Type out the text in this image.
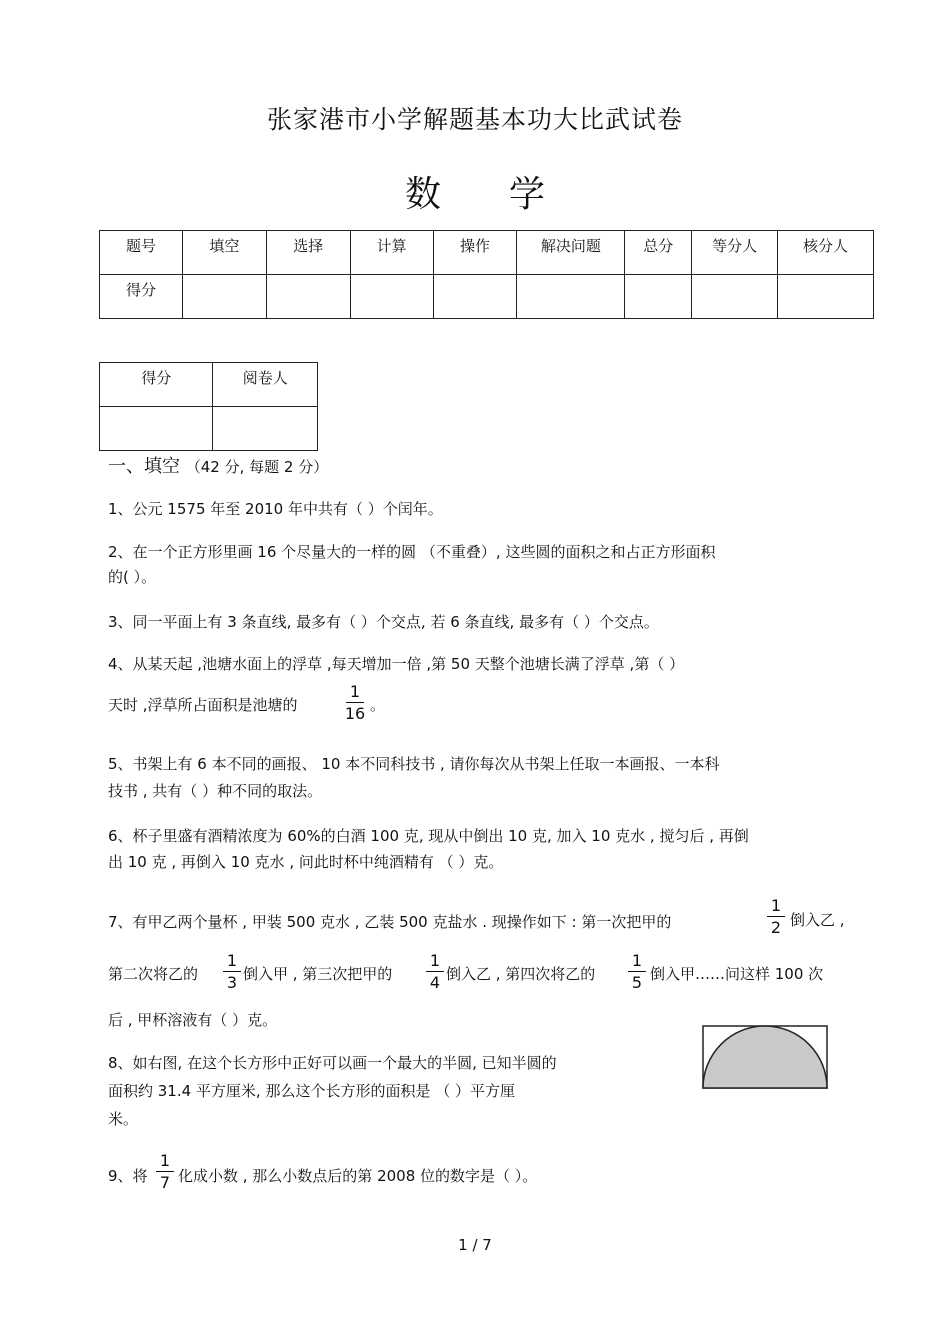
张家港市小学解题基本功大比武试卷
数 学
题号	填空	选择	计算	操作	解决问题	总分	等分人	核分人
得分								
得分	阅卷人

一、填空 （42 分, 每题 2 分）
1、公元 1575 年至 2010 年中共有（ ）个闰年。
2、在一个正方形里画 16 个尽量大的一样的圆 （不重叠）, 这些圆的面积之和占正方形面积
的( ）。
3、同一平面上有 3 条直线, 最多有（ ）个交点, 若 6 条直线, 最多有（ ）个交点。
4、从某天起 ,池塘水面上的浮草 ,每天增加一倍 ,第 50 天整个池塘长满了浮草 ,第（ ）
天时 ,浮草所占面积是池塘的
1
16 。
5、书架上有 6 本不同的画报、 10 本不同科技书 , 请你每次从书架上任取一本画报、一本科
技书 , 共有（ ）种不同的取法。
6、杯子里盛有酒精浓度为 60%的白酒 100 克, 现从中倒出 10 克, 加入 10 克水 , 搅匀后 , 再倒
出 10 克 , 再倒入 10 克水 , 问此时杯中纯酒精有 （ ）克。
7、有甲乙两个量杯 , 甲装 500 克水 , 乙装 500 克盐水 . 现操作如下 : 第一次把甲的
1
2 倒入乙 ,
第二次将乙的
1
3 倒入甲 , 第三次把甲的
1
4 倒入乙 , 第四次将乙的
1
5 倒入甲……问这样 100 次
后 , 甲杯溶液有（ ）克。
8、如右图, 在这个长方形中正好可以画一个最大的半圆, 已知半圆的
面积约 31.4 平方厘米, 那么这个长方形的面积是 （ ）平方厘
米。
9、将
1
7 化成小数 , 那么小数点后的第 2008 位的数字是（ ）。
1 / 7
